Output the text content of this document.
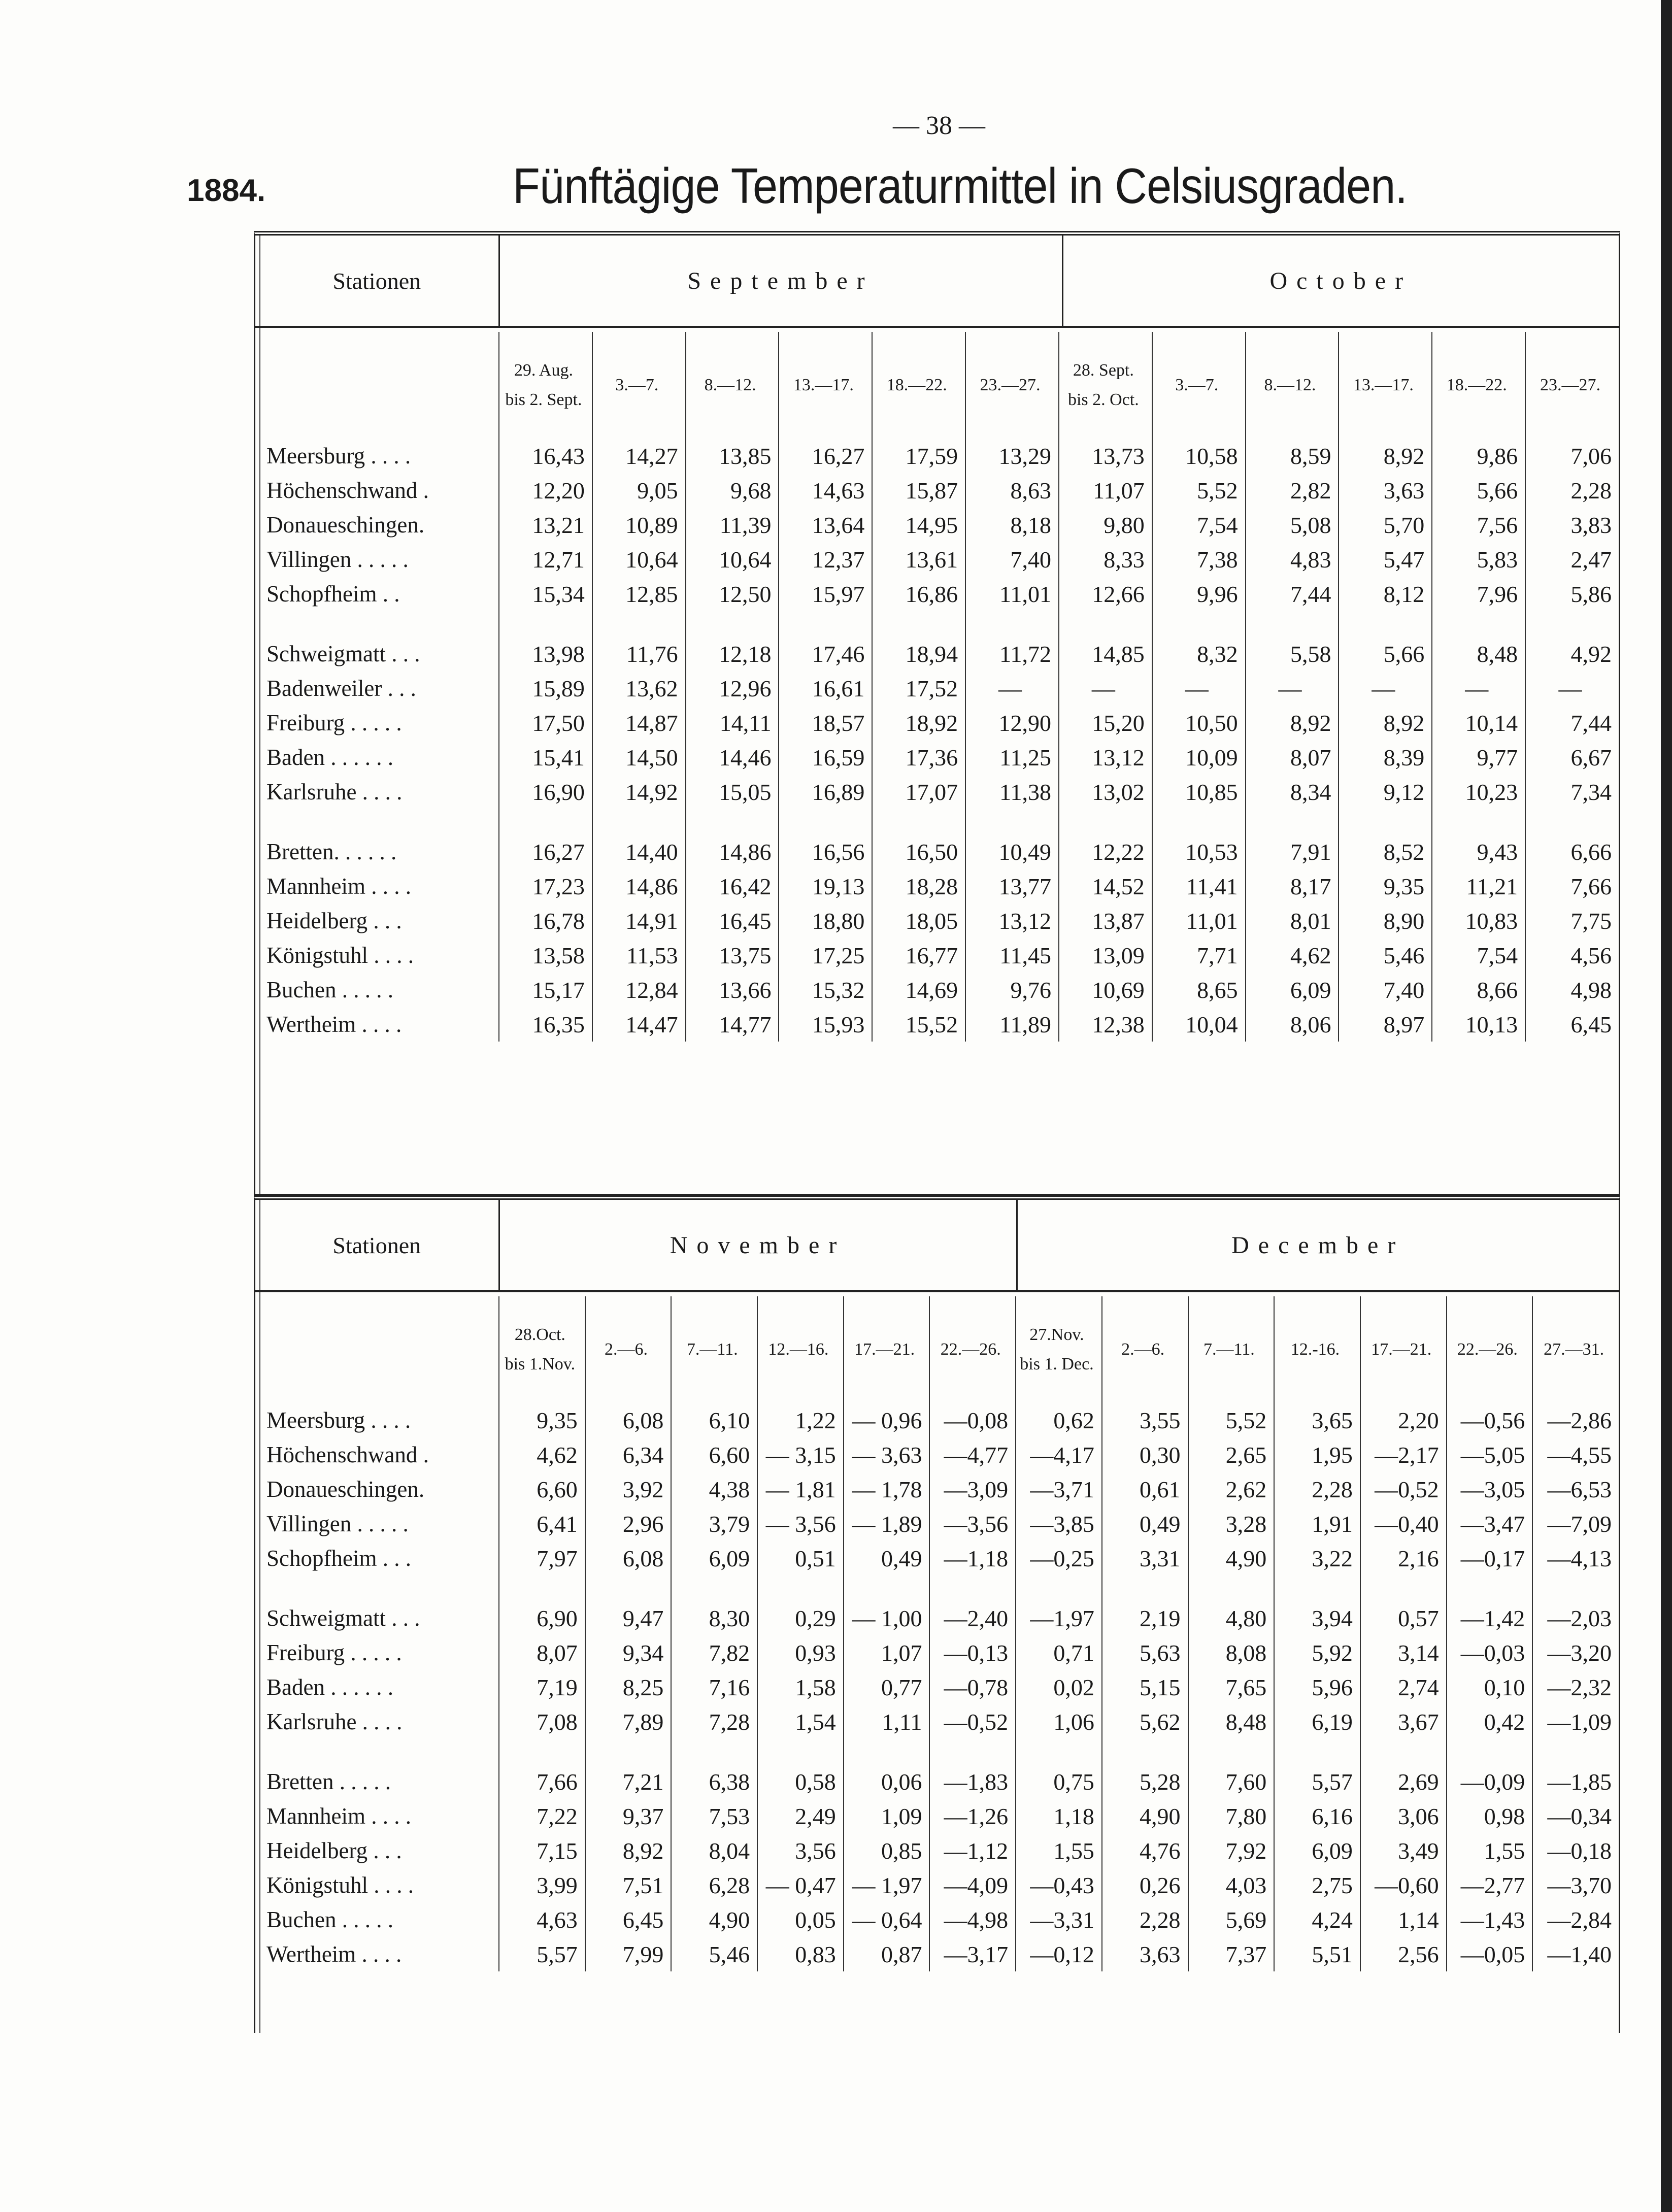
— 38 —
1884.	Fünftägige Temperaturmittel in Celsiusgraden.
Stationen	September	October
	29. Aug. bis 2. Sept.	3.—7.	8.—12.	13.—17.	18.—22.	23.—27.	28. Sept. bis 2. Oct.	3.—7.	8.—12.	13.—17.	18.—22.	23.—27.
Meersburg . . . .	16,43	14,27	13,85	16,27	17,59	13,29	13,73	10,58	8,59	8,92	9,86	7,06
Höchenschwand .	12,20	9,05	9,68	14,63	15,87	8,63	11,07	5,52	2,82	3,63	5,66	2,28
Donaueschingen.	13,21	10,89	11,39	13,64	14,95	8,18	9,80	7,54	5,08	5,70	7,56	3,83
Villingen . . . . .	12,71	10,64	10,64	12,37	13,61	7,40	8,33	7,38	4,83	5,47	5,83	2,47
Schopfheim . .	15,34	12,85	12,50	15,97	16,86	11,01	12,66	9,96	7,44	8,12	7,96	5,86

Schweigmatt . . .	13,98	11,76	12,18	17,46	18,94	11,72	14,85	8,32	5,58	5,66	8,48	4,92
Badenweiler . . .	15,89	13,62	12,96	16,61	17,52	—	—	—	—	—	—	—
Freiburg . . . . .	17,50	14,87	14,11	18,57	18,92	12,90	15,20	10,50	8,92	8,92	10,14	7,44
Baden . . . . . .	15,41	14,50	14,46	16,59	17,36	11,25	13,12	10,09	8,07	8,39	9,77	6,67
Karlsruhe . . . .	16,90	14,92	15,05	16,89	17,07	11,38	13,02	10,85	8,34	9,12	10,23	7,34

Bretten. . . . . .	16,27	14,40	14,86	16,56	16,50	10,49	12,22	10,53	7,91	8,52	9,43	6,66
Mannheim . . . .	17,23	14,86	16,42	19,13	18,28	13,77	14,52	11,41	8,17	9,35	11,21	7,66
Heidelberg . . .	16,78	14,91	16,45	18,80	18,05	13,12	13,87	11,01	8,01	8,90	10,83	7,75
Königstuhl . . . .	13,58	11,53	13,75	17,25	16,77	11,45	13,09	7,71	4,62	5,46	7,54	4,56
Buchen . . . . .	15,17	12,84	13,66	15,32	14,69	9,76	10,69	8,65	6,09	7,40	8,66	4,98
Wertheim . . . .	16,35	14,47	14,77	15,93	15,52	11,89	12,38	10,04	8,06	8,97	10,13	6,45
Stationen	November	December
	28.Oct. bis 1.Nov.	2.—6.	7.—11.	12.—16.	17.—21.	22.—26.	27.Nov. bis 1. Dec.	2.—6.	7.—11.	12.-16.	17.—21.	22.—26.	27.—31.
Meersburg . . . .	9,35	6,08	6,10	1,22	— 0,96	—0,08	0,62	3,55	5,52	3,65	2,20	—0,56	—2,86
Höchenschwand .	4,62	6,34	6,60	— 3,15	— 3,63	—4,77	—4,17	0,30	2,65	1,95	—2,17	—5,05	—4,55
Donaueschingen.	6,60	3,92	4,38	— 1,81	— 1,78	—3,09	—3,71	0,61	2,62	2,28	—0,52	—3,05	—6,53
Villingen . . . . .	6,41	2,96	3,79	— 3,56	— 1,89	—3,56	—3,85	0,49	3,28	1,91	—0,40	—3,47	—7,09
Schopfheim . . .	7,97	6,08	6,09	0,51	0,49	—1,18	—0,25	3,31	4,90	3,22	2,16	—0,17	—4,13

Schweigmatt . . .	6,90	9,47	8,30	0,29	— 1,00	—2,40	—1,97	2,19	4,80	3,94	0,57	—1,42	—2,03
Freiburg . . . . .	8,07	9,34	7,82	0,93	1,07	—0,13	0,71	5,63	8,08	5,92	3,14	—0,03	—3,20
Baden . . . . . .	7,19	8,25	7,16	1,58	0,77	—0,78	0,02	5,15	7,65	5,96	2,74	0,10	—2,32
Karlsruhe . . . .	7,08	7,89	7,28	1,54	1,11	—0,52	1,06	5,62	8,48	6,19	3,67	0,42	—1,09

Bretten . . . . .	7,66	7,21	6,38	0,58	0,06	—1,83	0,75	5,28	7,60	5,57	2,69	—0,09	—1,85
Mannheim . . . .	7,22	9,37	7,53	2,49	1,09	—1,26	1,18	4,90	7,80	6,16	3,06	0,98	—0,34
Heidelberg . . .	7,15	8,92	8,04	3,56	0,85	—1,12	1,55	4,76	7,92	6,09	3,49	1,55	—0,18
Königstuhl . . . .	3,99	7,51	6,28	— 0,47	— 1,97	—4,09	—0,43	0,26	4,03	2,75	—0,60	—2,77	—3,70
Buchen . . . . .	4,63	6,45	4,90	0,05	— 0,64	—4,98	—3,31	2,28	5,69	4,24	1,14	—1,43	—2,84
Wertheim . . . .	5,57	7,99	5,46	0,83	0,87	—3,17	—0,12	3,63	7,37	5,51	2,56	—0,05	—1,40
